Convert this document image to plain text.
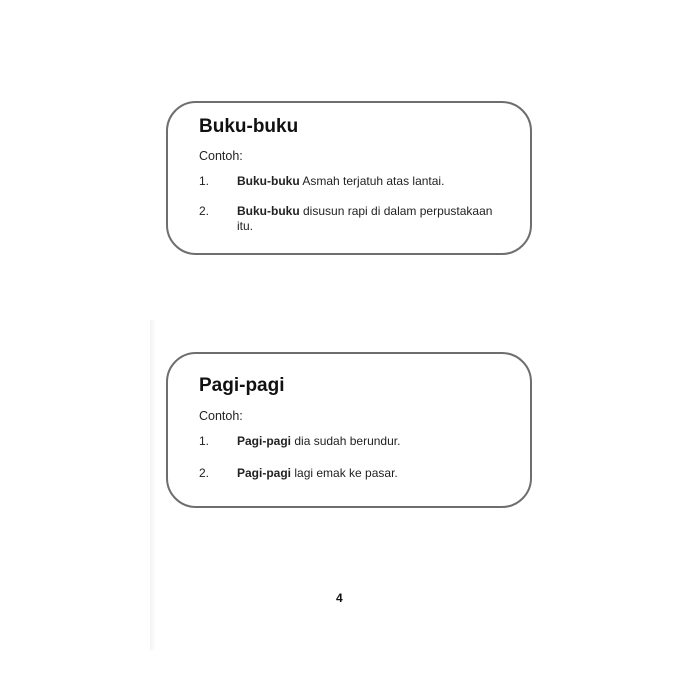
Buku-buku
Contoh:
1.	Buku-buku Asmah terjatuh atas lantai.
2.	Buku-buku disusun rapi di dalam perpustakaan itu.
Pagi-pagi
Contoh:
1.	Pagi-pagi dia sudah berundur.
2.	Pagi-pagi lagi emak ke pasar.
4
